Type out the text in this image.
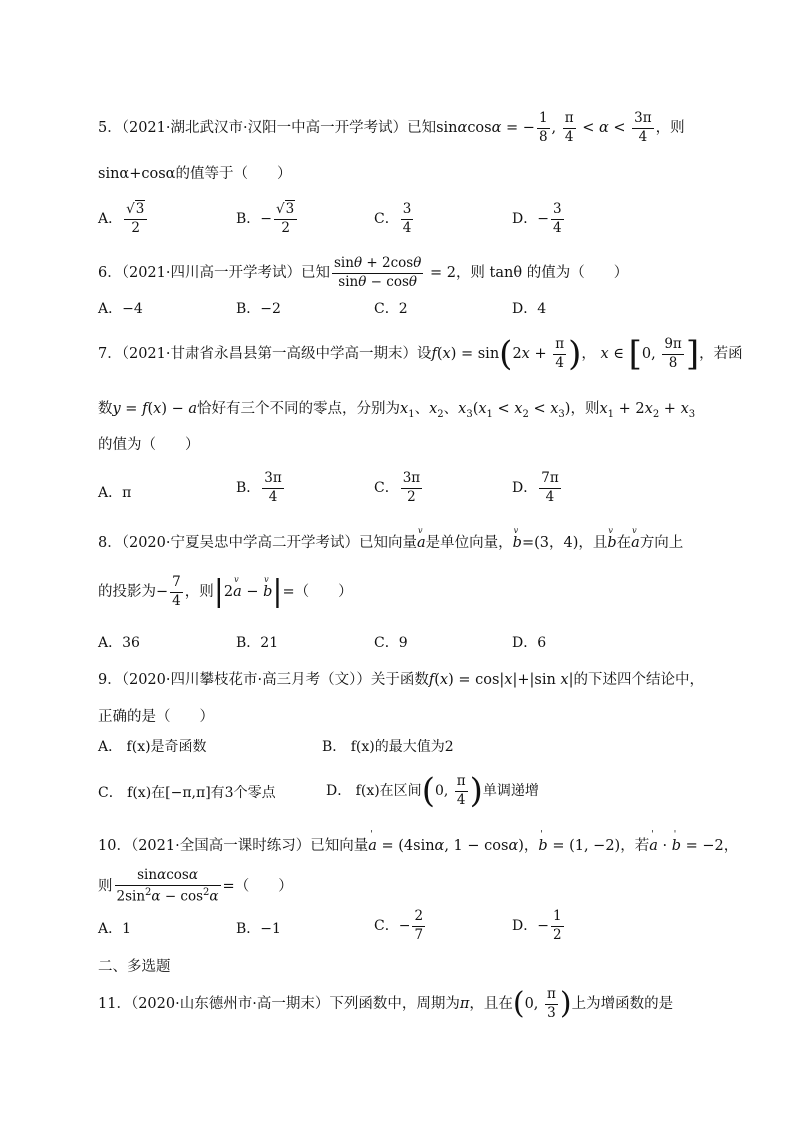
5．（2021·湖北武汉市·汉阳一中高一开学考试）已知sinαcosα = − $\frac{1}{8}$ , $\frac{\pi}{4} < \alpha < \frac{3\pi}{4}$ ，则
sinα+cosα的值等于（　　）
A． $\frac{√3}{2}$	B．− $\frac{√3}{2}$	C． $\frac{3}{4}$	D．− $\frac{3}{4}$
6．（2021·四川高一开学考试）已知 $\frac{\sin\theta + 2\cos\theta}{\sin\theta - \cos\theta} = 2$，则 tanθ 的值为（　　）
A．−4	B．−2	C．2	D．4
7．（2021·甘肃省永昌县第一高级中学高一期末）设$f(x) = \sin(2x + \frac{\pi}{4}$ )， x ∈ [0, $\frac{9\pi}{8}$ ]，若函
数y = f(x) − a恰好有三个不同的零点，分别为$x_1$、$x_2$、$x_3(x_1 < x_2 < x_3)$，则$x_1 + 2x_2 + x_3$
的值为（　　）
A．π	B． $\frac{3\pi}{4}$	C． $\frac{3\pi}{2}$	D． $\frac{7\pi}{4}$
8．（2020·宁夏吴忠中学高二开学考试）已知向量v a是单位向量，v b=(3，4)，且v b在v a方向上
的投影为− $\frac{7}{4}$ ，则|2v a − v b|=（　　）
A．36	B．21	C．9	D．6
9．（2020·四川攀枝花市·高三月考（文））关于函数f(x) = cos|x|+|sin x|的下述四个结论中，
正确的是（　　）
A． f(x)是奇函数	B． f(x)的最大值为2
C． f(x)在[−π,π]有3个零点	D． f(x)在区间(0, $\frac{\pi}{4}$ )单调递增
10．（2021·全国高一课时练习）已知向量' a = (4sinα, 1 − cosα)，' b = (1, −2)，若' a · ' b = −2，
则 $\frac{\sin\alpha\cos\alpha}{2\sin^2\alpha - \cos^2\alpha}$ =（　　）
A．1	B．−1	C．− $\frac{2}{7}$	D．− $\frac{1}{2}$
二、多选题
11．（2020·山东德州市·高一期末）下列函数中，周期为π，且在(0, $\frac{\pi}{3}$ )上为增函数的是
